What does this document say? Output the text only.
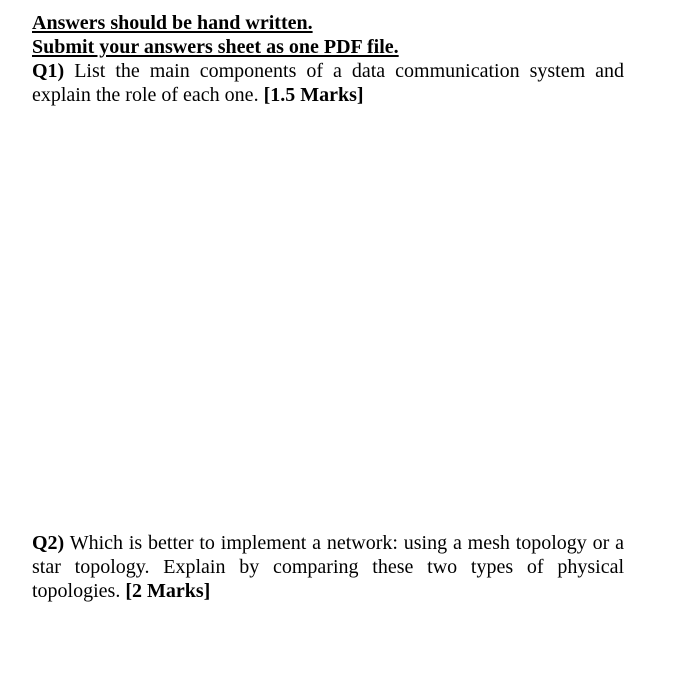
Answers should be hand written.
Submit your answers sheet as one PDF file.
Q1) List the main components of a data communication system and explain the role of each one. [1.5 Marks]
Q2) Which is better to implement a network: using a mesh topology or a star topology. Explain by comparing these two types of physical topologies. [2 Marks]
